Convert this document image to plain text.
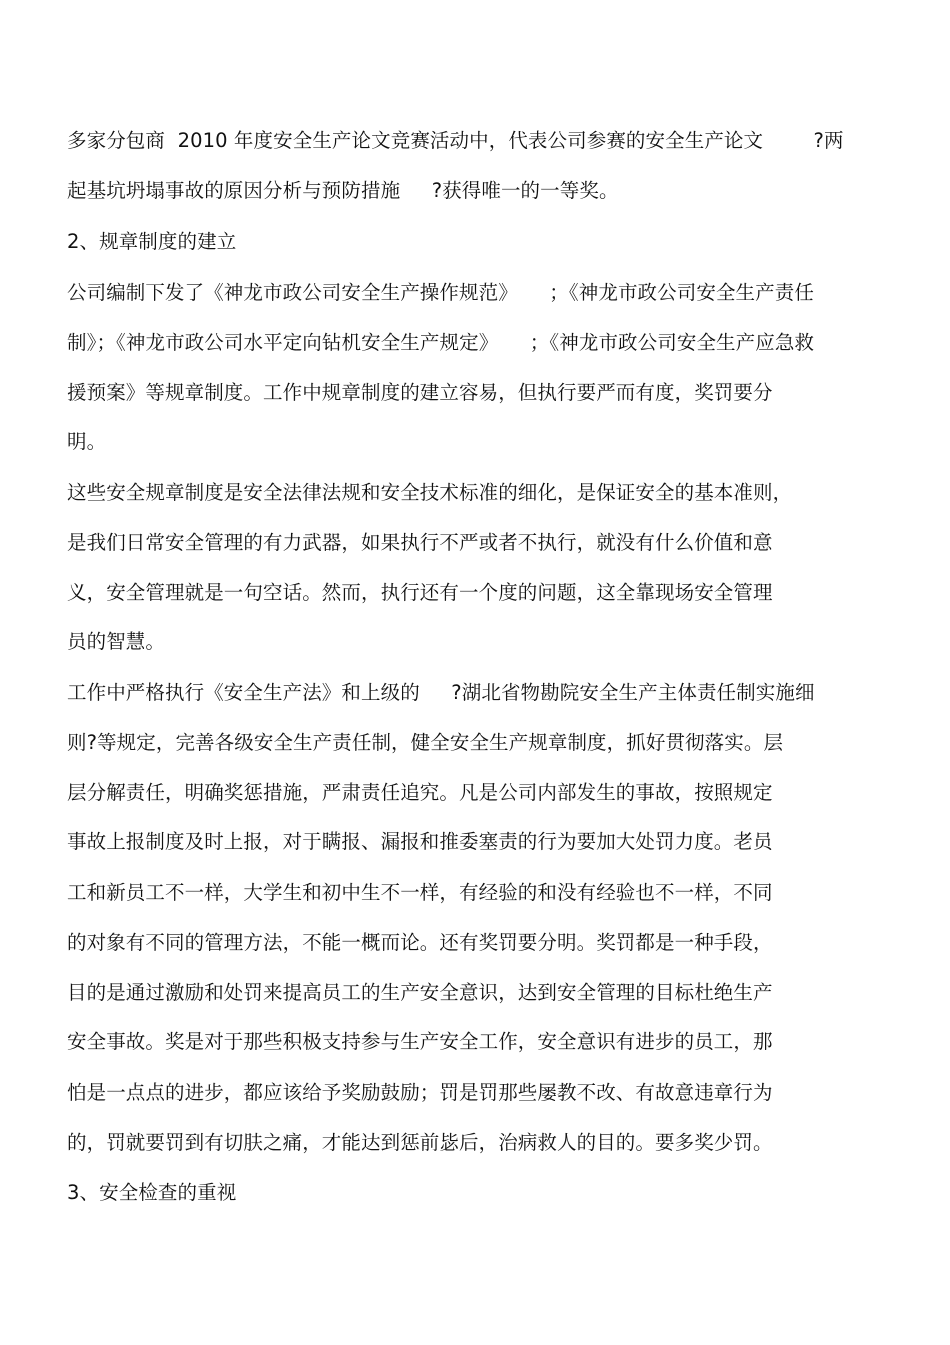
多家分包商  2010 年度安全生产论文竞赛活动中，代表公司参赛的安全生产论文        ?两
起基坑坍塌事故的原因分析与预防措施     ?获得唯一的一等奖。
2、规章制度的建立
公司编制下发了《神龙市政公司安全生产操作规范》     ；《神龙市政公司安全生产责任
制》；《神龙市政公司水平定向钻机安全生产规定》     ；《神龙市政公司安全生产应急救
援预案》等规章制度。工作中规章制度的建立容易，但执行要严而有度，奖罚要分
明。
这些安全规章制度是安全法律法规和安全技术标准的细化，是保证安全的基本准则，
是我们日常安全管理的有力武器，如果执行不严或者不执行，就没有什么价值和意
义，安全管理就是一句空话。然而，执行还有一个度的问题，这全靠现场安全管理
员的智慧。
工作中严格执行《安全生产法》和上级的     ?湖北省物勘院安全生产主体责任制实施细
则?等规定，完善各级安全生产责任制，健全安全生产规章制度，抓好贯彻落实。层
层分解责任，明确奖惩措施，严肃责任追究。凡是公司内部发生的事故，按照规定
事故上报制度及时上报，对于瞒报、漏报和推委塞责的行为要加大处罚力度。老员
工和新员工不一样，大学生和初中生不一样，有经验的和没有经验也不一样，不同
的对象有不同的管理方法，不能一概而论。还有奖罚要分明。奖罚都是一种手段，
目的是通过激励和处罚来提高员工的生产安全意识，达到安全管理的目标杜绝生产
安全事故。奖是对于那些积极支持参与生产安全工作，安全意识有进步的员工，那
怕是一点点的进步，都应该给予奖励鼓励；罚是罚那些屡教不改、有故意违章行为
的，罚就要罚到有切肤之痛，才能达到惩前毖后，治病救人的目的。要多奖少罚。
3、安全检查的重视
